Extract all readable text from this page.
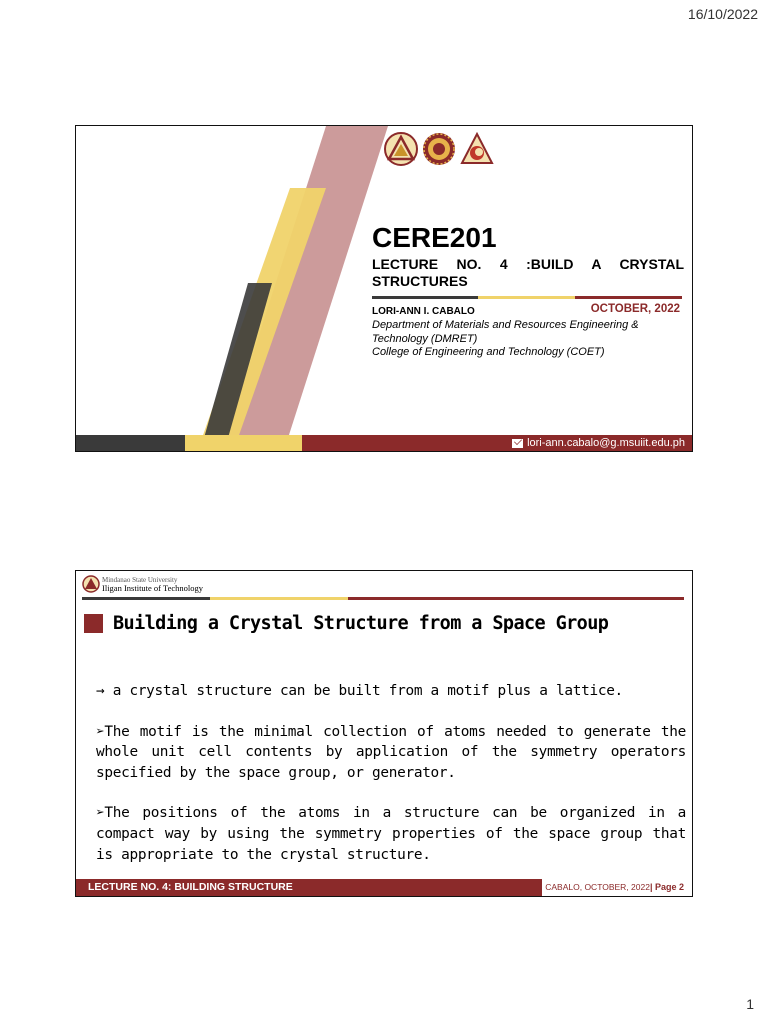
16/10/2022
CERE201
LECTURE NO. 4 :BUILD A CRYSTAL
STRUCTURES
LORI-ANN I. CABALO	OCTOBER, 2022
Department of Materials and Resources Engineering &
Technology (DMRET)
College of Engineering and Technology (COET)
lori-ann.cabalo@g.msuiit.edu.ph
Mindanao State University
Iligan Institute of Technology
Building a Crystal Structure from a Space Group

→ a crystal structure can be built from a motif plus a lattice.

➢The motif is the minimal collection of atoms needed to generate the whole unit cell contents by application of the symmetry operators specified by the space group, or generator.

➢The positions of the atoms in a structure can be organized in a compact way by using the symmetry properties of the space group that is appropriate to the crystal structure.

LECTURE NO. 4: BUILDING STRUCTURE	CABALO, OCTOBER, 2022| Page 2
1
